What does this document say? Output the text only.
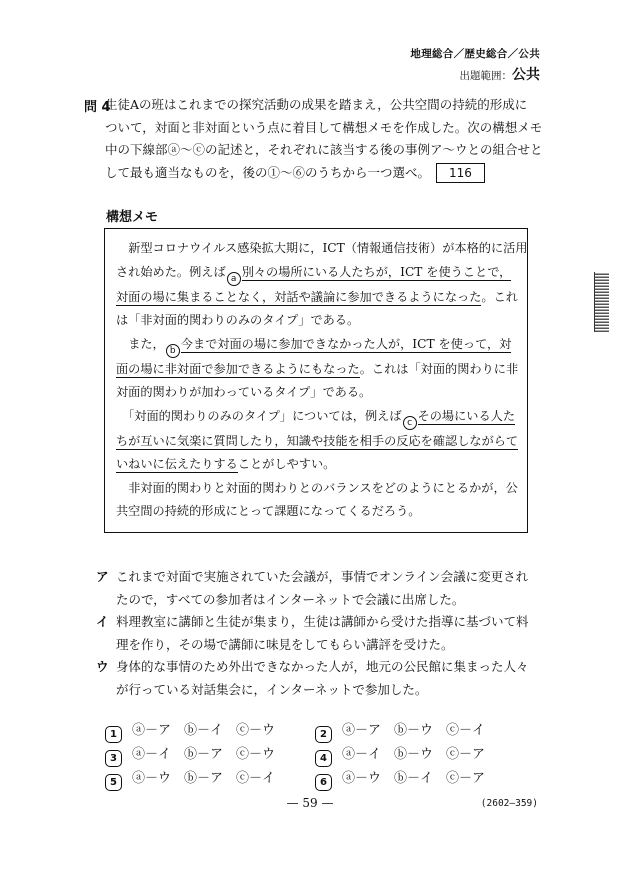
地理総合／歴史総合／公共
出題範囲：公共
問 4
生徒Aの班はこれまでの探究活動の成果を踏まえ，公共空間の持続的形成に
ついて，対面と非対面という点に着目して構想メモを作成した。次の構想メモ
中の下線部ⓐ～ⓒの記述と，それぞれに該当する後の事例ア～ウとの組合せと
して最も適当なものを，後の①～⑥のうちから一つ選べ。 116
構想メモ
　新型コロナウイルス感染拡大期に，ICT（情報通信技術）が本格的に活用
され始めた。例えば a 別々の場所にいる人たちが，ICT を使うことで，
対面の場に集まることなく，対話や議論に参加できるようになった。これ
は「非対面的関わりのみのタイプ」である。
　また， b 今まで対面の場に参加できなかった人が，ICT を使って，対
面の場に非対面で参加できるようにもなった。これは「対面的関わりに非
対面的関わりが加わっているタイプ」である。
　「対面的関わりのみのタイプ」については，例えば c その場にいる人た
ちが互いに気楽に質問したり，知識や技能を相手の反応を確認しながらて
いねいに伝えたりすることがしやすい。
　非対面的関わりと対面的関わりとのバランスをどのようにとるかが，公
共空間の持続的形成にとって課題になってくるだろう。
ア これまで対面で実施されていた会議が，事情でオンライン会議に変更され
たので，すべての参加者はインターネットで会議に出席した。
イ 料理教室に講師と生徒が集まり，生徒は講師から受けた指導に基づいて料
理を作り，その場で講師に味見をしてもらい講評を受けた。
ウ 身体的な事情のため外出できなかった人が，地元の公民館に集まった人々
が行っている対話集会に，インターネットで参加した。
1 ⓐ－ア　ⓑ－イ　ⓒ－ウ	2 ⓐ－ア　ⓑ－ウ　ⓒ－イ
3 ⓐ－イ　ⓑ－ア　ⓒ－ウ	4 ⓐ－イ　ⓑ－ウ　ⓒ－ア
5 ⓐ－ウ　ⓑ－ア　ⓒ－イ	6 ⓐ－ウ　ⓑ－イ　ⓒ－ア
— 59 —	(2602—359)
